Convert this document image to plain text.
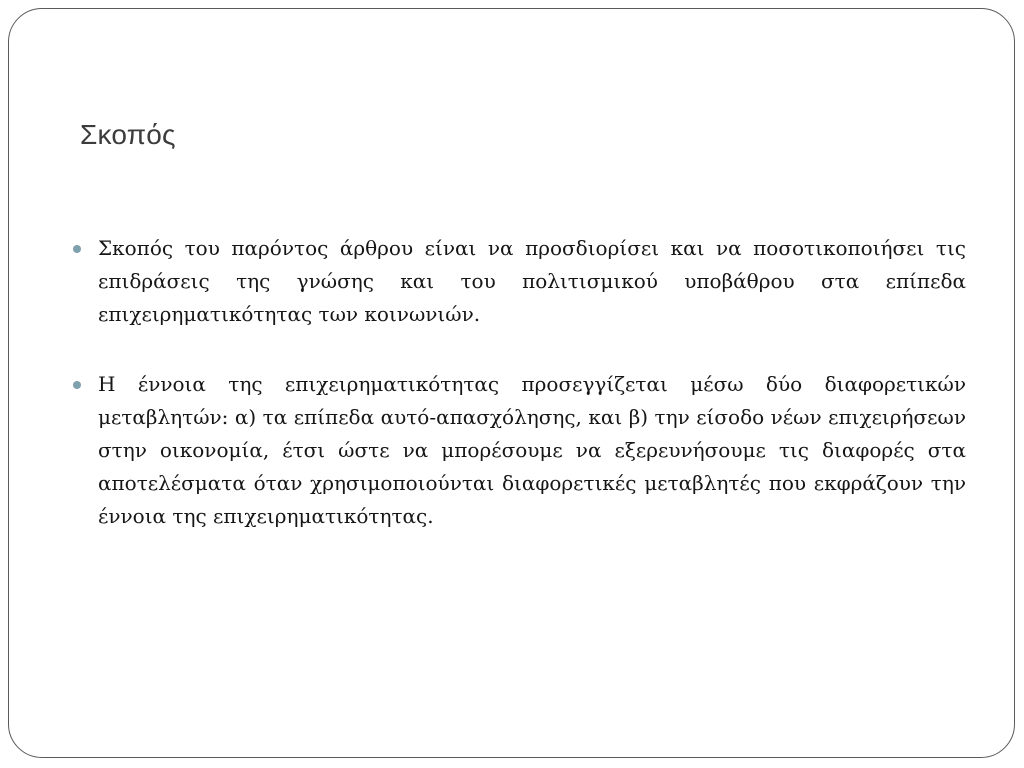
Σκοπός
Σκοπός του παρόντος άρθρου είναι να προσδιορίσει και να ποσοτικοποιήσει τις επιδράσεις της γνώσης και του πολιτισμικού υποβάθρου στα επίπεδα επιχειρηματικότητας των κοινωνιών.
Η έννοια της επιχειρηματικότητας προσεγγίζεται μέσω δύο διαφορετικών μεταβλητών: α) τα επίπεδα αυτό-απασχόλησης, και β) την είσοδο νέων επιχειρήσεων στην οικονομία, έτσι ώστε να μπορέσουμε να εξερευνήσουμε τις διαφορές στα αποτελέσματα όταν χρησιμοποιούνται διαφορετικές μεταβλητές που εκφράζουν την έννοια της επιχειρηματικότητας.
